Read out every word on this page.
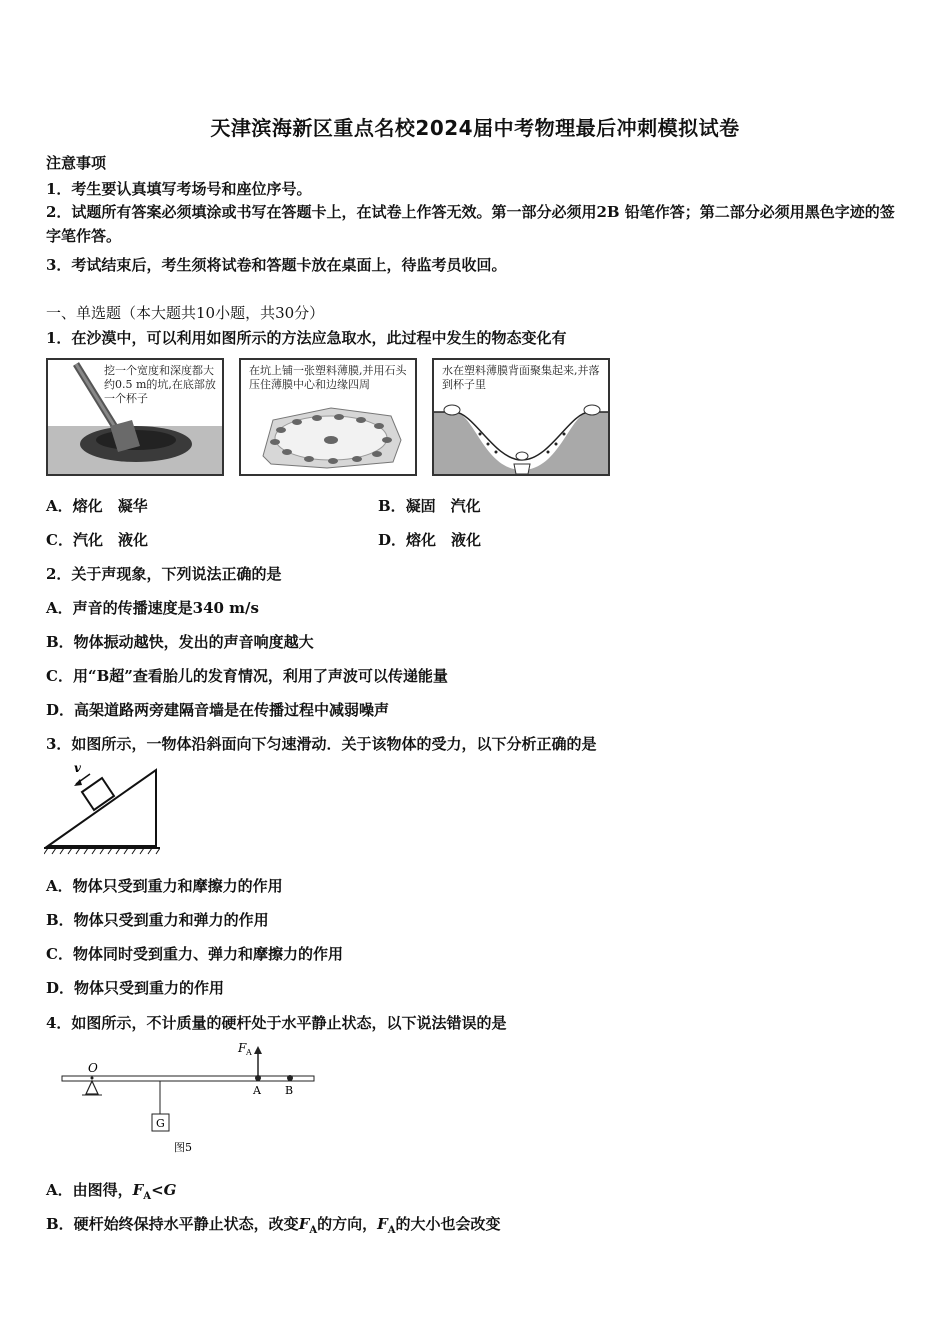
天津滨海新区重点名校2024届中考物理最后冲刺模拟试卷
注意事项
1．考生要认真填写考场号和座位序号。
2．试题所有答案必须填涂或书写在答题卡上，在试卷上作答无效。第一部分必须用2B 铅笔作答；第二部分必须用黑色字迹的签字笔作答。
3．考试结束后，考生须将试卷和答题卡放在桌面上，待监考员收回。
一、单选题（本大题共10小题，共30分）
1．在沙漠中，可以利用如图所示的方法应急取水，此过程中发生的物态变化有
挖一个宽度和深度都大约0.5 m的坑,在底部放一个杯子
在坑上铺一张塑料薄膜,并用石头压住薄膜中心和边缘四周
水在塑料薄膜背面聚集起来,并落到杯子里
A．熔化　凝华	B．凝固　汽化
C．汽化　液化	D．熔化　液化
2．关于声现象，下列说法正确的是
A．声音的传播速度是340 m/s
B．物体振动越快，发出的声音响度越大
C．用“B超”查看胎儿的发育情况，利用了声波可以传递能量
D．高架道路两旁建隔音墙是在传播过程中减弱噪声
3．如图所示，一物体沿斜面向下匀速滑动．关于该物体的受力，以下分析正确的是
v
A．物体只受到重力和摩擦力的作用
B．物体只受到重力和弹力的作用
C．物体同时受到重力、弹力和摩擦力的作用
D．物体只受到重力的作用
4．如图所示，不计质量的硬杆处于水平静止状态，以下说法错误的是
O
F A
A B
G
图5
A．由图得，$F_A<G$
B．硬杆始终保持水平静止状态，改变$F_A$的方向，$F_A$的大小也会改变
